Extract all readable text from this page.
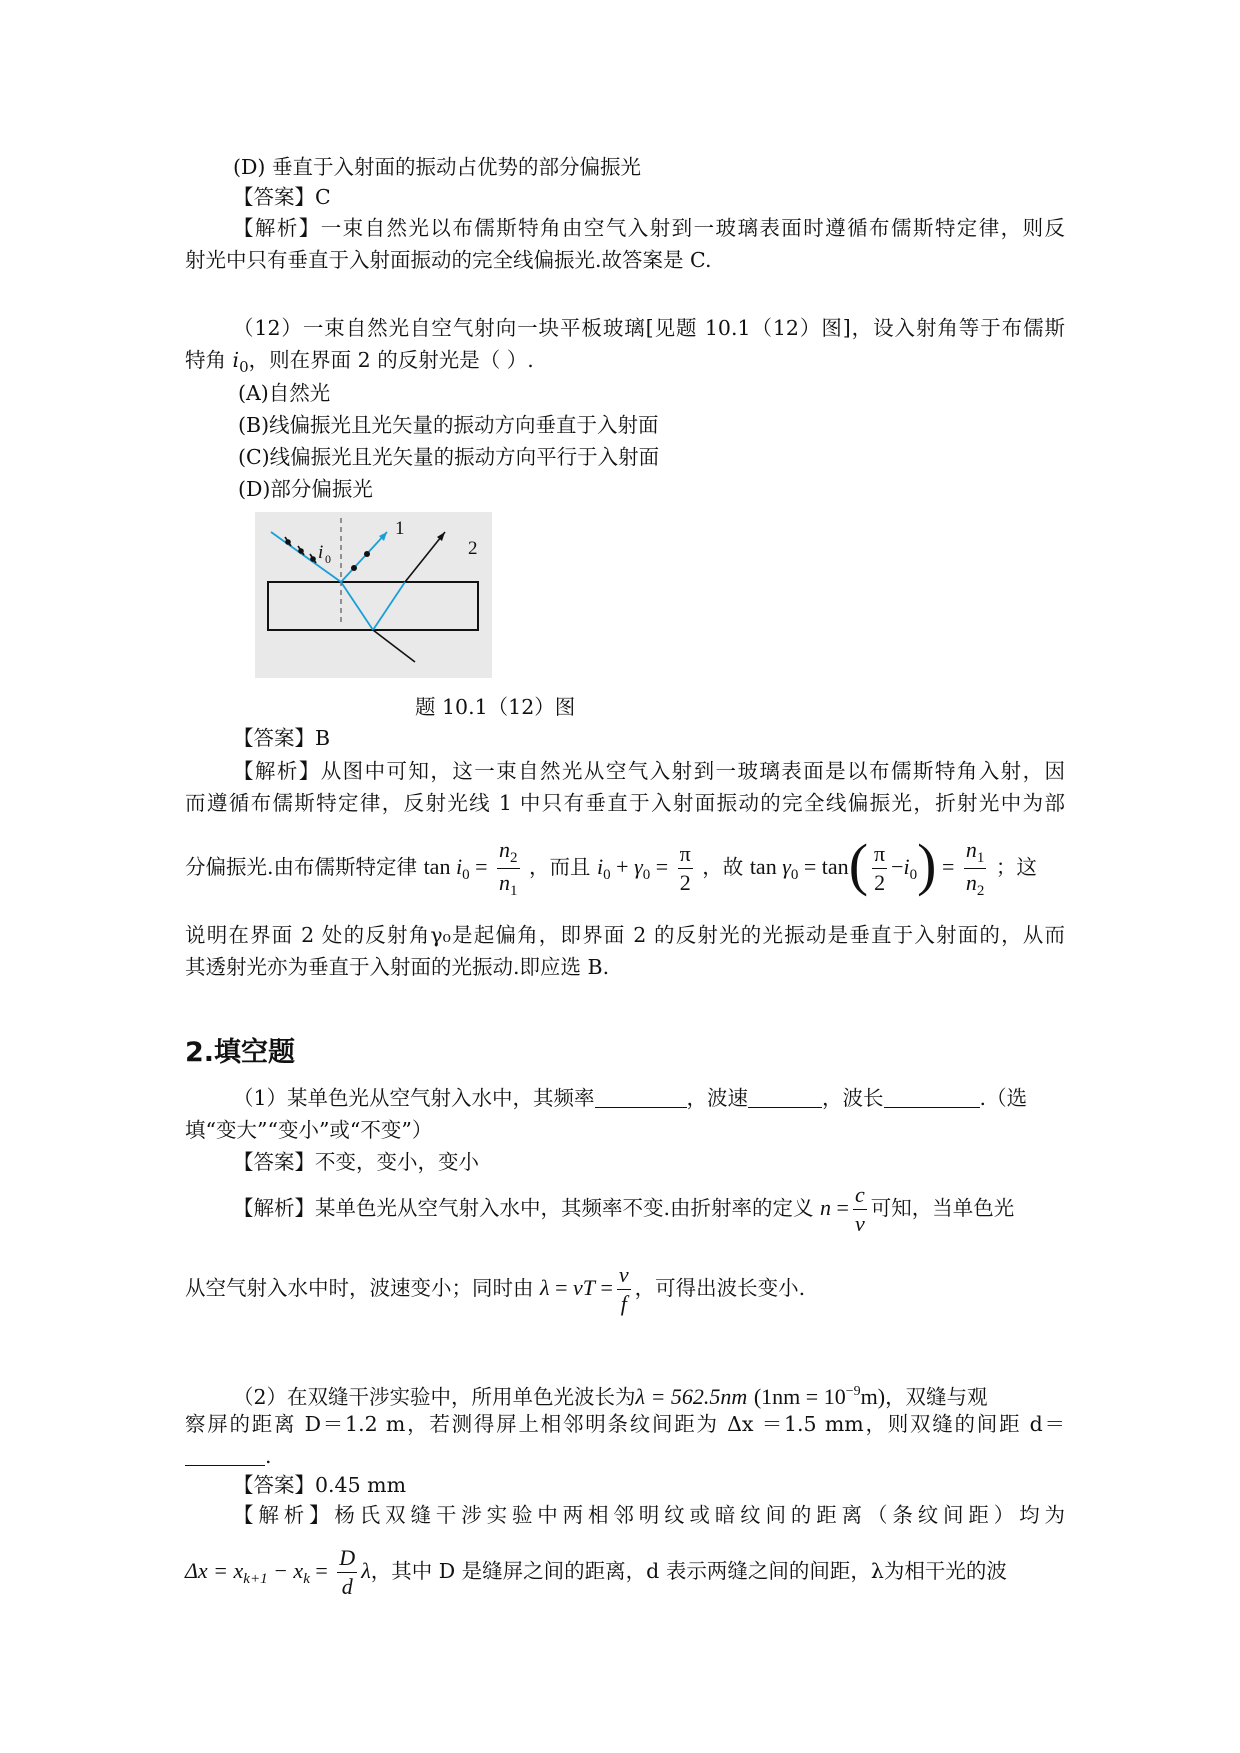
(D) 垂直于入射面的振动占优势的部分偏振光
【答案】C
【解析】一束自然光以布儒斯特角由空气入射到一玻璃表面时遵循布儒斯特定律，则反
射光中只有垂直于入射面振动的完全线偏振光.故答案是 C.
（12）一束自然光自空气射向一块平板玻璃[见题 10.1（12）图]，设入射角等于布儒斯
特角 $i_0$，则在界面 2 的反射光是（ ）.
(A)自然光
(B)线偏振光且光矢量的振动方向垂直于入射面
(C)线偏振光且光矢量的振动方向平行于入射面
(D)部分偏振光
i 0
1
2
题 10.1（12）图
【答案】B
【解析】从图中可知，这一束自然光从空气入射到一玻璃表面是以布儒斯特角入射，因
而遵循布儒斯特定律，反射光线 1 中只有垂直于入射面振动的完全线偏振光，折射光中为部
分偏振光.由布儒斯特定律 $\tan i_0 = \frac{n_2}{n_1}$ ，而且 $i_0 + \gamma_0 = \frac{\pi}{2}$ ，故 $\tan \gamma_0 = \tan( \frac{\pi}{2} -i_0) = \frac{n_1}{n_2}$ ；这
说明在界面 2 处的反射角γ₀是起偏角，即界面 2 的反射光的光振动是垂直于入射面的，从而
其透射光亦为垂直于入射面的光振动.即应选 B.
2.填空题
（1）某单色光从空气射入水中，其频率	，波速	，波长	.（选
填“变大”“变小”或“不变”）
【答案】不变，变小，变小
【解析】某单色光从空气射入水中，其频率不变.由折射率的定义 $n = \frac{c}{v}$ 可知，当单色光
从空气射入水中时，波速变小；同时由 λ = vT = $\frac{v}{f}$ ，可得出波长变小.
（2）在双缝干涉实验中，所用单色光波长为λ = 562.5nm $(1nm = 10^{-9}m)$，双缝与观
察屏的距离 D＝1.2 m，若测得屏上相邻明条纹间距为 Δx ＝1.5 mm，则双缝的间距 d＝
.
【答案】0.45 mm
【解析】杨氏双缝干涉实验中两相邻明纹或暗纹间的距离（条纹间距）均为
$\Delta x = x_{k+1} - x_k = \frac{D}{d}$ λ，其中 D 是缝屏之间的距离，d 表示两缝之间的间距，λ为相干光的波
